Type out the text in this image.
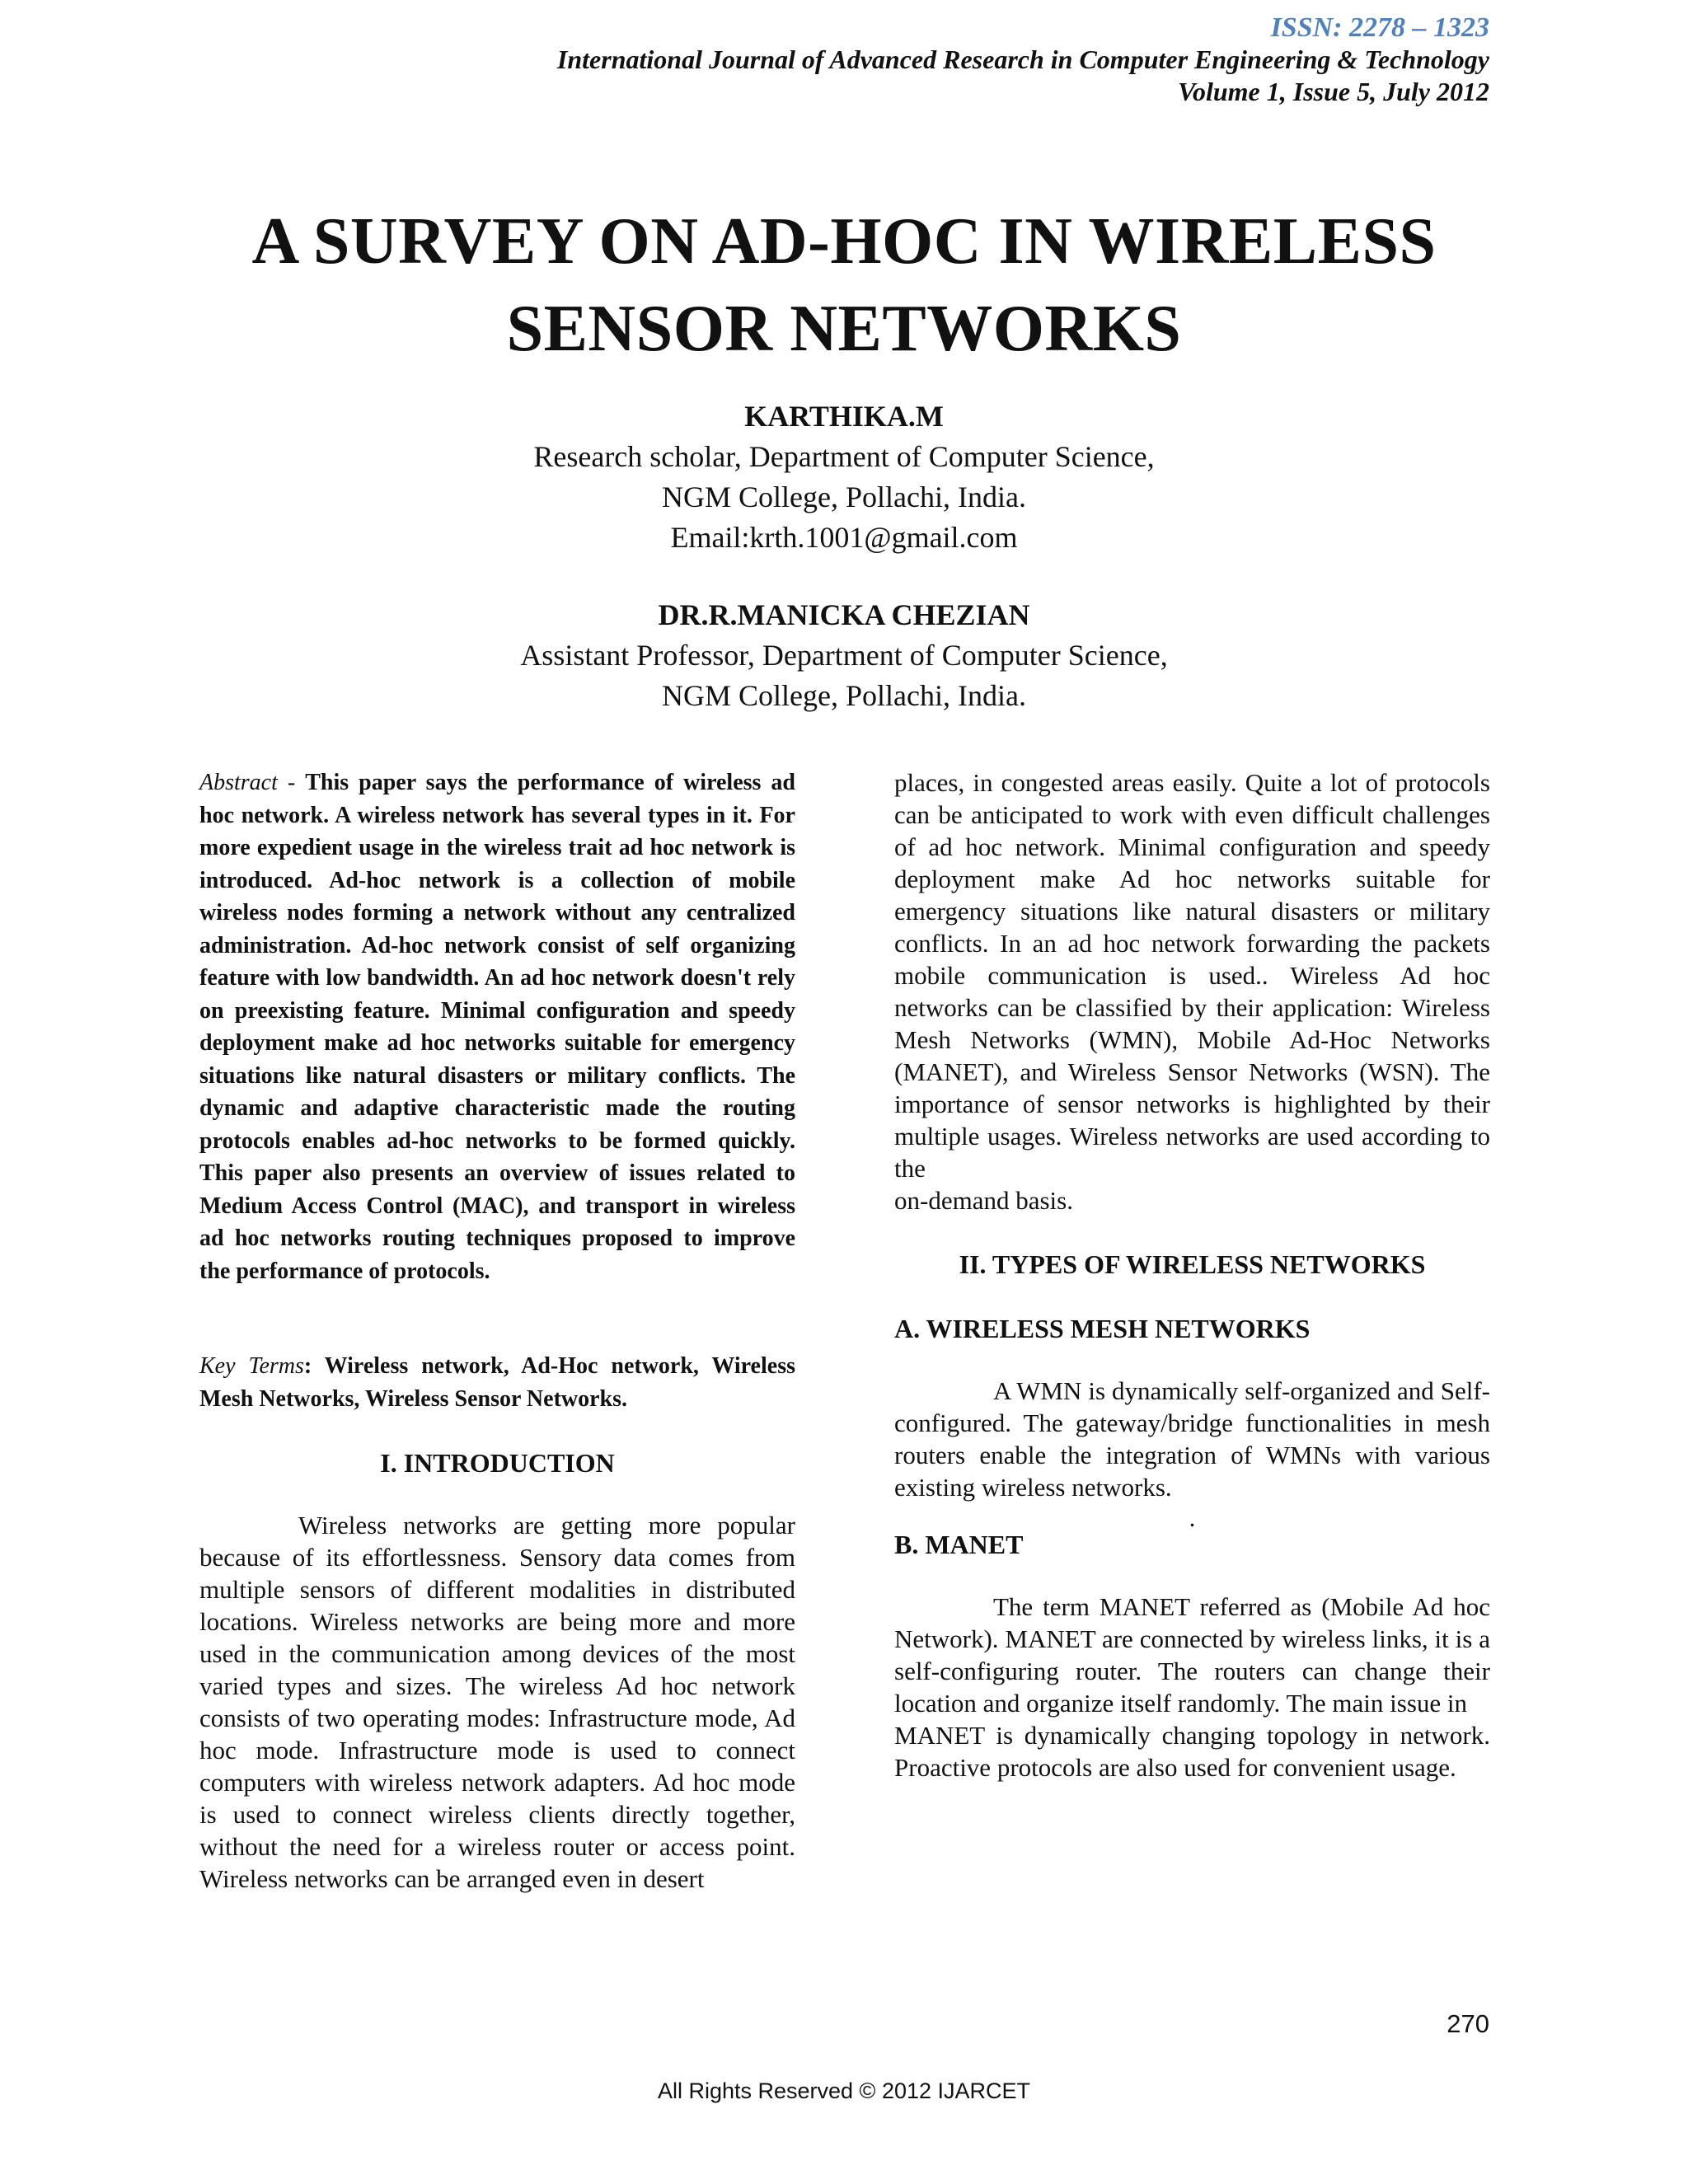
ISSN: 2278 – 1323
International Journal of Advanced Research in Computer Engineering & Technology
Volume 1, Issue 5, July 2012
A SURVEY ON AD-HOC IN WIRELESS
SENSOR NETWORKS
KARTHIKA.M
Research scholar, Department of Computer Science,
NGM College, Pollachi, India.
Email:krth.1001@gmail.com
DR.R.MANICKA CHEZIAN
Assistant Professor, Department of Computer Science,
NGM College, Pollachi, India.

Abstract - This paper says the performance of wireless ad hoc network. A wireless network has several types in it. For more expedient usage in the wireless trait ad hoc network is introduced. Ad-hoc network is a collection of mobile wireless nodes forming a network without any centralized administration. Ad-hoc network consist of self organizing feature with low bandwidth. An ad hoc network doesn't rely on preexisting feature. Minimal configuration and speedy deployment make ad hoc networks suitable for emergency situations like natural disasters or military conflicts. The dynamic and adaptive characteristic made the routing protocols enables ad-hoc networks to be formed quickly. This paper also presents an overview of issues related to Medium Access Control (MAC), and transport in wireless ad hoc networks routing techniques proposed to improve the performance of protocols.

Key Terms: Wireless network, Ad-Hoc network, Wireless Mesh Networks, Wireless Sensor Networks.

I. INTRODUCTION

Wireless networks are getting more popular because of its effortlessness. Sensory data comes from multiple sensors of different modalities in distributed locations. Wireless networks are being more and more used in the communication among devices of the most varied types and sizes. The wireless Ad hoc network consists of two operating modes: Infrastructure mode, Ad hoc mode. Infrastructure mode is used to connect computers with wireless network adapters. Ad hoc mode is used to connect wireless clients directly together, without the need for a wireless router or access point. Wireless networks can be arranged even in desert

places, in congested areas easily. Quite a lot of protocols can be anticipated to work with even difficult challenges of ad hoc network. Minimal configuration and speedy deployment make Ad hoc networks suitable for emergency situations like natural disasters or military conflicts. In an ad hoc network forwarding the packets mobile communication is used.. Wireless Ad hoc networks can be classified by their application: Wireless Mesh Networks (WMN), Mobile Ad-Hoc Networks (MANET), and Wireless Sensor Networks (WSN). The importance of sensor networks is highlighted by their multiple usages. Wireless networks are used according to the

on-demand basis.

II. TYPES OF WIRELESS NETWORKS
A. WIRELESS MESH NETWORKS

A WMN is dynamically self-organized and Self-configured. The gateway/bridge functionalities in mesh routers enable the integration of WMNs with various existing wireless networks.

.
B. MANET

The term MANET referred as (Mobile Ad hoc Network). MANET are connected by wireless links, it is a self-configuring router. The routers can change their location and organize itself randomly. The main issue in

MANET is dynamically changing topology in network. Proactive protocols are also used for convenient usage.

270
All Rights Reserved © 2012 IJARCET
